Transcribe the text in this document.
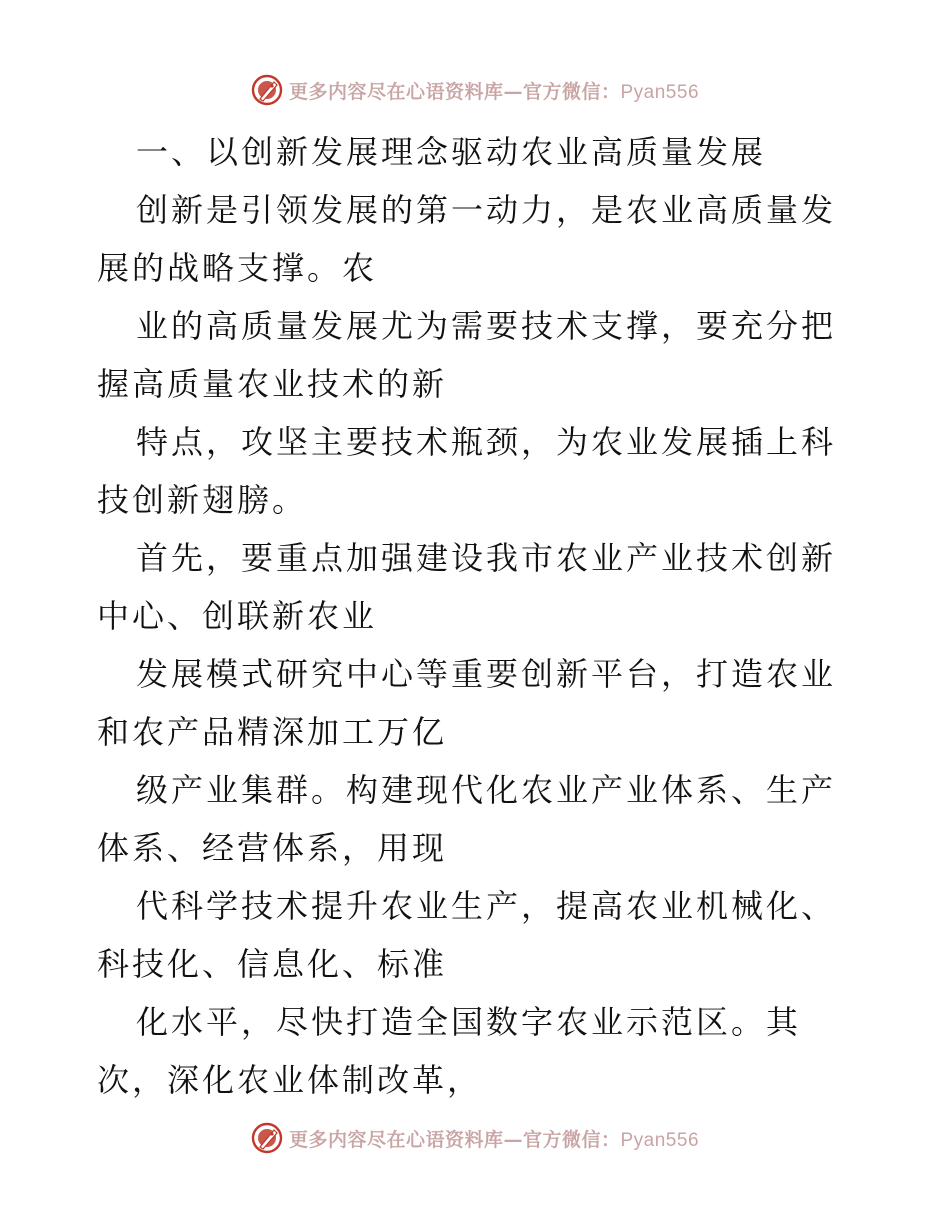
更多内容尽在心语资料库—官方微信：Pyan556

一、以创新发展理念驱动农业高质量发展

创新是引领发展的第一动力，是农业高质量发展的战略支撑。农

业的高质量发展尤为需要技术支撑，要充分把握高质量农业技术的新

特点，攻坚主要技术瓶颈，为农业发展插上科技创新翅膀。

首先，要重点加强建设我市农业产业技术创新中心、创联新农业

发展模式研究中心等重要创新平台，打造农业和农产品精深加工万亿

级产业集群。构建现代化农业产业体系、生产体系、经营体系，用现

代科学技术提升农业生产，提高农业机械化、科技化、信息化、标准

化水平，尽快打造全国数字农业示范区。其次，深化农业体制改革，

更多内容尽在心语资料库—官方微信：Pyan556
